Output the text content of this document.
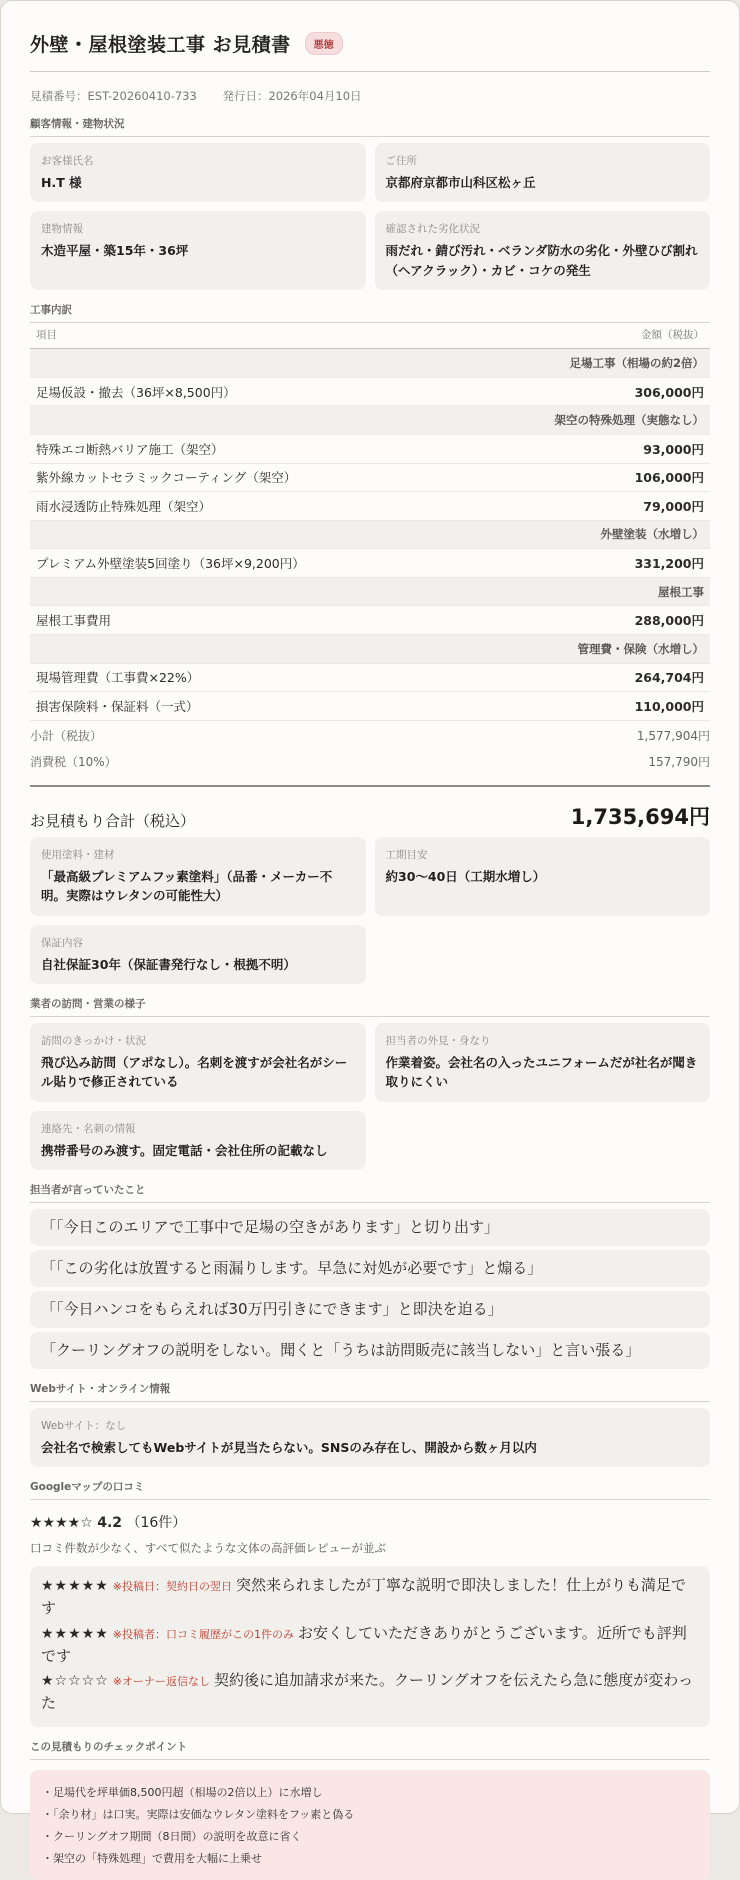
外壁・屋根塗装工事 お見積書	悪徳
見積番号：EST-20260410-733 発行日：2026年04月10日
顧客情報・建物状況
お客様氏名
H.T 様
ご住所
京都府京都市山科区松ヶ丘
建物情報
木造平屋・築15年・36坪
確認された劣化状況
雨だれ・錆び汚れ・ベランダ防水の劣化・外壁ひび割れ（ヘアクラック）・カビ・コケの発生
工事内訳
項目	金額（税抜）
足場工事（相場の約2倍）	
足場仮設・撤去（36坪×8,500円）	306,000円
架空の特殊処理（実態なし）	
特殊エコ断熱バリア施工（架空）	93,000円
紫外線カットセラミックコーティング（架空）	106,000円
雨水浸透防止特殊処理（架空）	79,000円
外壁塗装（水増し）	
プレミアム外壁塗装5回塗り（36坪×9,200円）	331,200円
屋根工事	
屋根工事費用	288,000円
管理費・保険（水増し）	
現場管理費（工事費×22%）	264,704円
損害保険料・保証料（一式）	110,000円
小計（税抜）	1,577,904円
消費税（10%）	157,790円
お見積もり合計（税込）	1,735,694円
使用塗料・建材
「最高級プレミアムフッ素塗料」（品番・メーカー不明。実際はウレタンの可能性大）
工期目安
約30〜40日（工期水増し）
保証内容
自社保証30年（保証書発行なし・根拠不明）
業者の訪問・営業の様子
訪問のきっかけ・状況
飛び込み訪問（アポなし）。名刺を渡すが会社名がシール貼りで修正されている
担当者の外見・身なり
作業着姿。会社名の入ったユニフォームだが社名が聞き取りにくい
連絡先・名刺の情報
携帯番号のみ渡す。固定電話・会社住所の記載なし
担当者が言っていたこと
「「今日このエリアで工事中で足場の空きがあります」と切り出す」
「「この劣化は放置すると雨漏りします。早急に対処が必要です」と煽る」
「「今日ハンコをもらえれば30万円引きにできます」と即決を迫る」
「クーリングオフの説明をしない。聞くと「うちは訪問販売に該当しない」と言い張る」
Webサイト・オンライン情報
Webサイト：なし
会社名で検索してもWebサイトが見当たらない。SNSのみ存在し、開設から数ヶ月以内
Googleマップの口コミ
★★★★☆ 4.2 （16件）
口コミ件数が少なく、すべて似たような文体の高評価レビューが並ぶ
★★★★★ ※投稿日：契約日の翌日 突然来られましたが丁寧な説明で即決しました！仕上がりも満足です
★★★★★ ※投稿者：口コミ履歴がこの1件のみ お安くしていただきありがとうございます。近所でも評判です
★☆☆☆☆ ※オーナー返信なし 契約後に追加請求が来た。クーリングオフを伝えたら急に態度が変わった
この見積もりのチェックポイント
・足場代を坪単価8,500円超（相場の2倍以上）に水増し
・「余り材」は口実。実際は安価なウレタン塗料をフッ素と偽る
・クーリングオフ期間（8日間）の説明を故意に省く
・架空の「特殊処理」で費用を大幅に上乗せ
